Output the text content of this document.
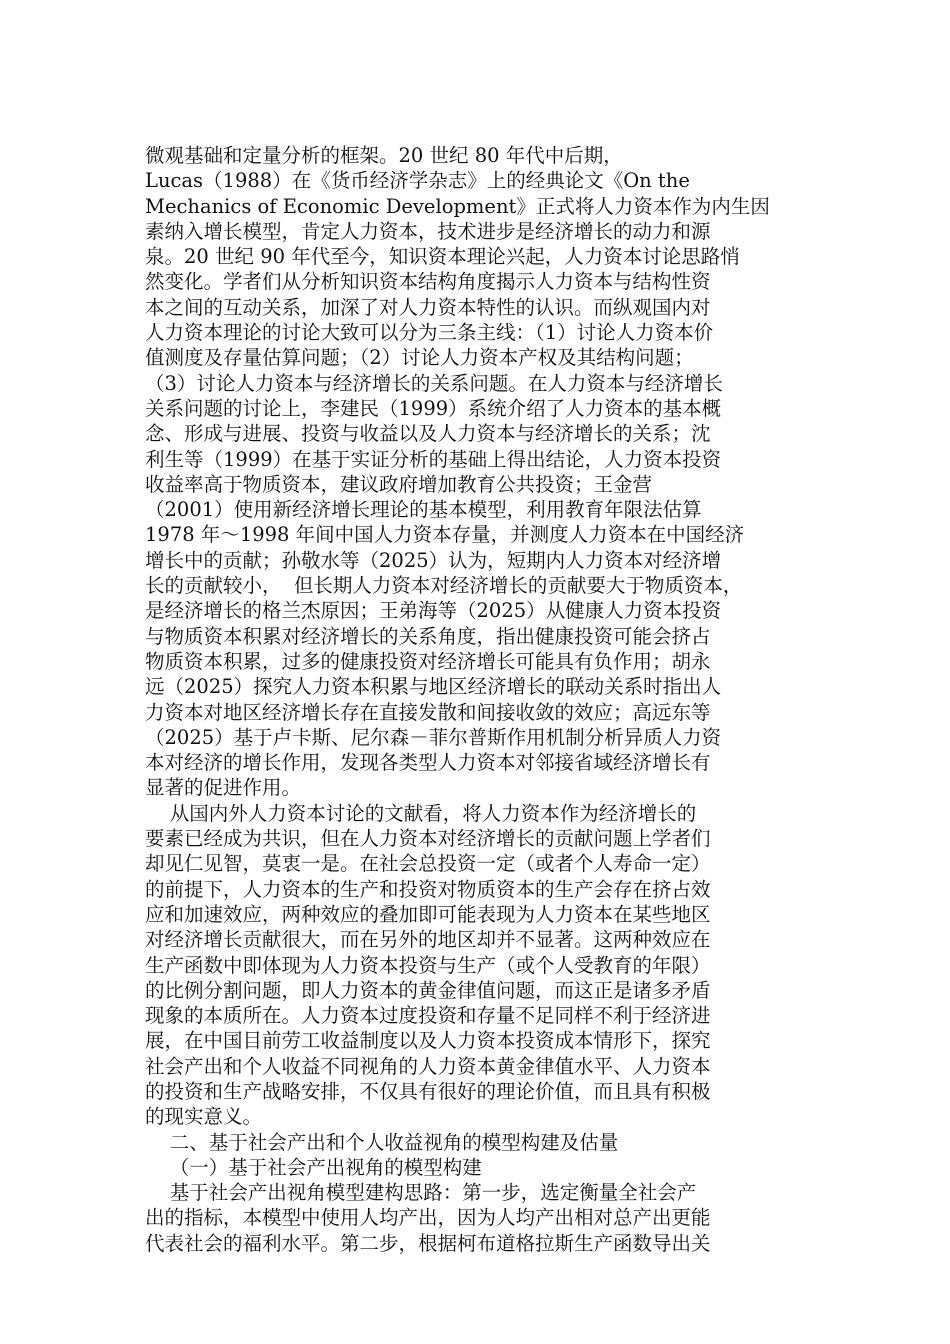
微观基础和定量分析的框架。20 世纪 80 年代中后期，
Lucas（1988）在《货币经济学杂志》上的经典论文《On the
Mechanics of Economic Development》正式将人力资本作为内生因
素纳入增长模型，肯定人力资本，技术进步是经济增长的动力和源
泉。20 世纪 90 年代至今，知识资本理论兴起，人力资本讨论思路悄
然变化。学者们从分析知识资本结构角度揭示人力资本与结构性资
本之间的互动关系，加深了对人力资本特性的认识。而纵观国内对
人力资本理论的讨论大致可以分为三条主线：（1）讨论人力资本价
值测度及存量估算问题；（2）讨论人力资本产权及其结构问题；
（3）讨论人力资本与经济增长的关系问题。在人力资本与经济增长
关系问题的讨论上，李建民（1999）系统介绍了人力资本的基本概
念、形成与进展、投资与收益以及人力资本与经济增长的关系；沈
利生等（1999）在基于实证分析的基础上得出结论，人力资本投资
收益率高于物质资本，建议政府增加教育公共投资；王金营
（2001）使用新经济增长理论的基本模型，利用教育年限法估算
1978 年～1998 年间中国人力资本存量，并测度人力资本在中国经济
增长中的贡献；孙敬水等（2025）认为，短期内人力资本对经济增
长的贡献较小，  但长期人力资本对经济增长的贡献要大于物质资本，
是经济增长的格兰杰原因；王弟海等（2025）从健康人力资本投资
与物质资本积累对经济增长的关系角度，指出健康投资可能会挤占
物质资本积累，过多的健康投资对经济增长可能具有负作用；胡永
远（2025）探究人力资本积累与地区经济增长的联动关系时指出人
力资本对地区经济增长存在直接发散和间接收敛的效应；高远东等
（2025）基于卢卡斯、尼尔森－菲尔普斯作用机制分析异质人力资
本对经济的增长作用，发现各类型人力资本对邻接省域经济增长有
显著的促进作用。
从国内外人力资本讨论的文献看，将人力资本作为经济增长的
要素已经成为共识，但在人力资本对经济增长的贡献问题上学者们
却见仁见智，莫衷一是。在社会总投资一定（或者个人寿命一定）
的前提下，人力资本的生产和投资对物质资本的生产会存在挤占效
应和加速效应，两种效应的叠加即可能表现为人力资本在某些地区
对经济增长贡献很大，而在另外的地区却并不显著。这两种效应在
生产函数中即体现为人力资本投资与生产（或个人受教育的年限）
的比例分割问题，即人力资本的黄金律值问题，而这正是诸多矛盾
现象的本质所在。人力资本过度投资和存量不足同样不利于经济进
展，在中国目前劳工收益制度以及人力资本投资成本情形下，探究
社会产出和个人收益不同视角的人力资本黄金律值水平、人力资本
的投资和生产战略安排，不仅具有很好的理论价值，而且具有积极
的现实意义。
二、基于社会产出和个人收益视角的模型构建及估量
（一）基于社会产出视角的模型构建
基于社会产出视角模型建构思路：第一步，选定衡量全社会产
出的指标，本模型中使用人均产出，因为人均产出相对总产出更能
代表社会的福利水平。第二步，根据柯布道格拉斯生产函数导出关
